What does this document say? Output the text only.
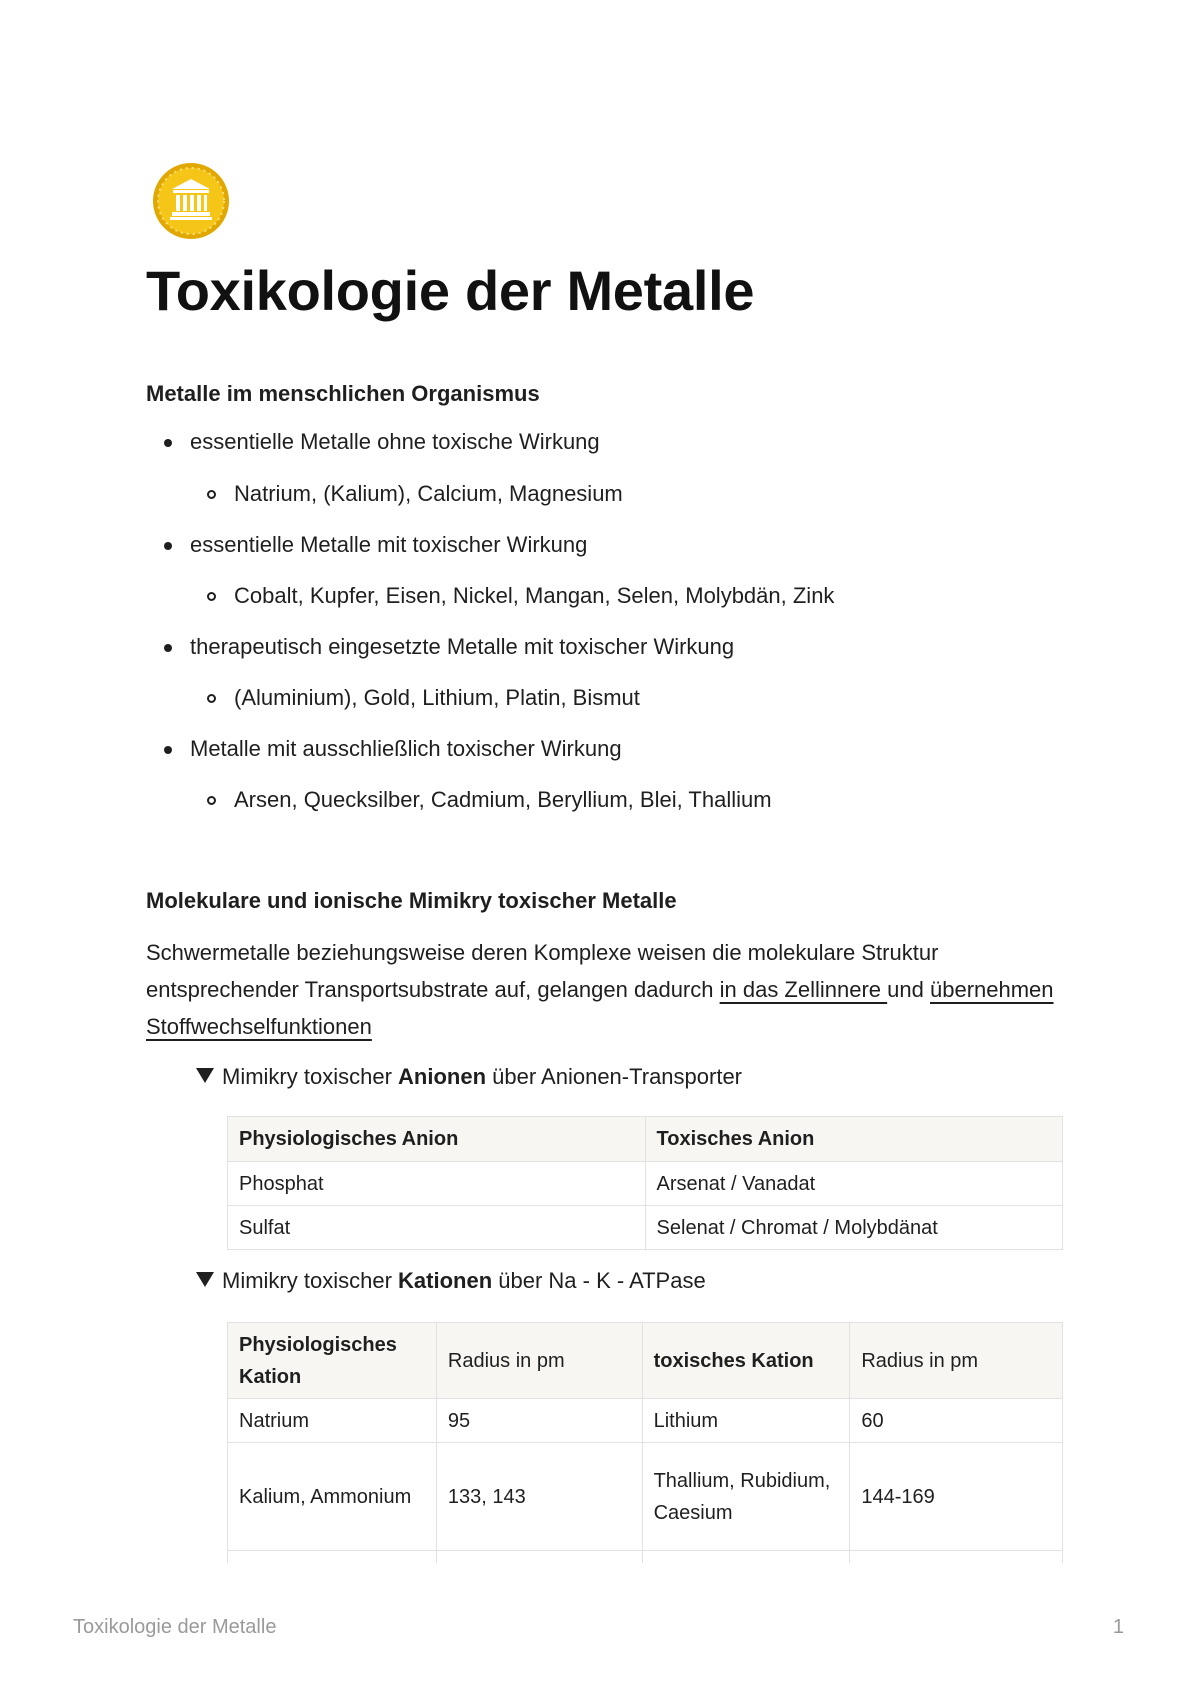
Toxikologie der Metalle
Metalle im menschlichen Organismus
essentielle Metalle ohne toxische Wirkung
Natrium, (Kalium), Calcium, Magnesium
essentielle Metalle mit toxischer Wirkung
Cobalt, Kupfer, Eisen, Nickel, Mangan, Selen, Molybdän, Zink
therapeutisch eingesetzte Metalle mit toxischer Wirkung
(Aluminium), Gold, Lithium, Platin, Bismut
Metalle mit ausschließlich toxischer Wirkung
Arsen, Quecksilber, Cadmium, Beryllium, Blei, Thallium
Molekulare und ionische Mimikry toxischer Metalle

Schwermetalle beziehungsweise deren Komplexe weisen die molekulare Struktur entsprechender Transportsubstrate auf, gelangen dadurch in das Zellinnere und übernehmen Stoffwechselfunktionen

Mimikry toxischer Anionen über Anionen-Transporter
Physiologisches Anion	Toxisches Anion
Phosphat	Arsenat / Vanadat
Sulfat	Selenat / Chromat / Molybdänat
Mimikry toxischer Kationen über Na - K - ATPase
Physiologisches Kation	Radius in pm	toxisches Kation	Radius in pm
Natrium	95	Lithium	60
Kalium, Ammonium	133, 143	Thallium, Rubidium, Caesium	144-169

Toxikologie der Metalle	1
